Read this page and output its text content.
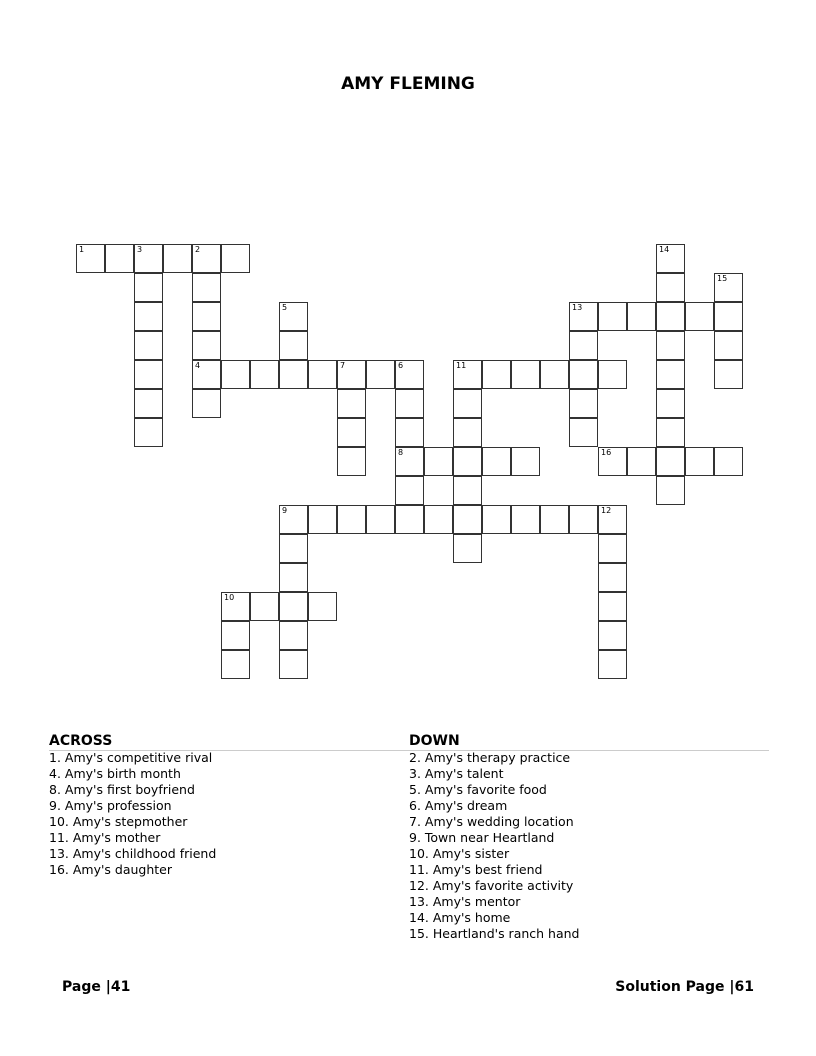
AMY FLEMING
1	3	2
4
5
7	6
8
11
13
14
15
16
9	12
10
ACROSS
1. Amy's competitive rival
4. Amy's birth month
8. Amy's first boyfriend
9. Amy's profession
10. Amy's stepmother
11. Amy's mother
13. Amy's childhood friend
16. Amy's daughter
DOWN
2. Amy's therapy practice
3. Amy's talent
5. Amy's favorite food
6. Amy's dream
7. Amy's wedding location
9. Town near Heartland
10. Amy's sister
11. Amy's best friend
12. Amy's favorite activity
13. Amy's mentor
14. Amy's home
15. Heartland's ranch hand
Page |41	Solution Page |61
